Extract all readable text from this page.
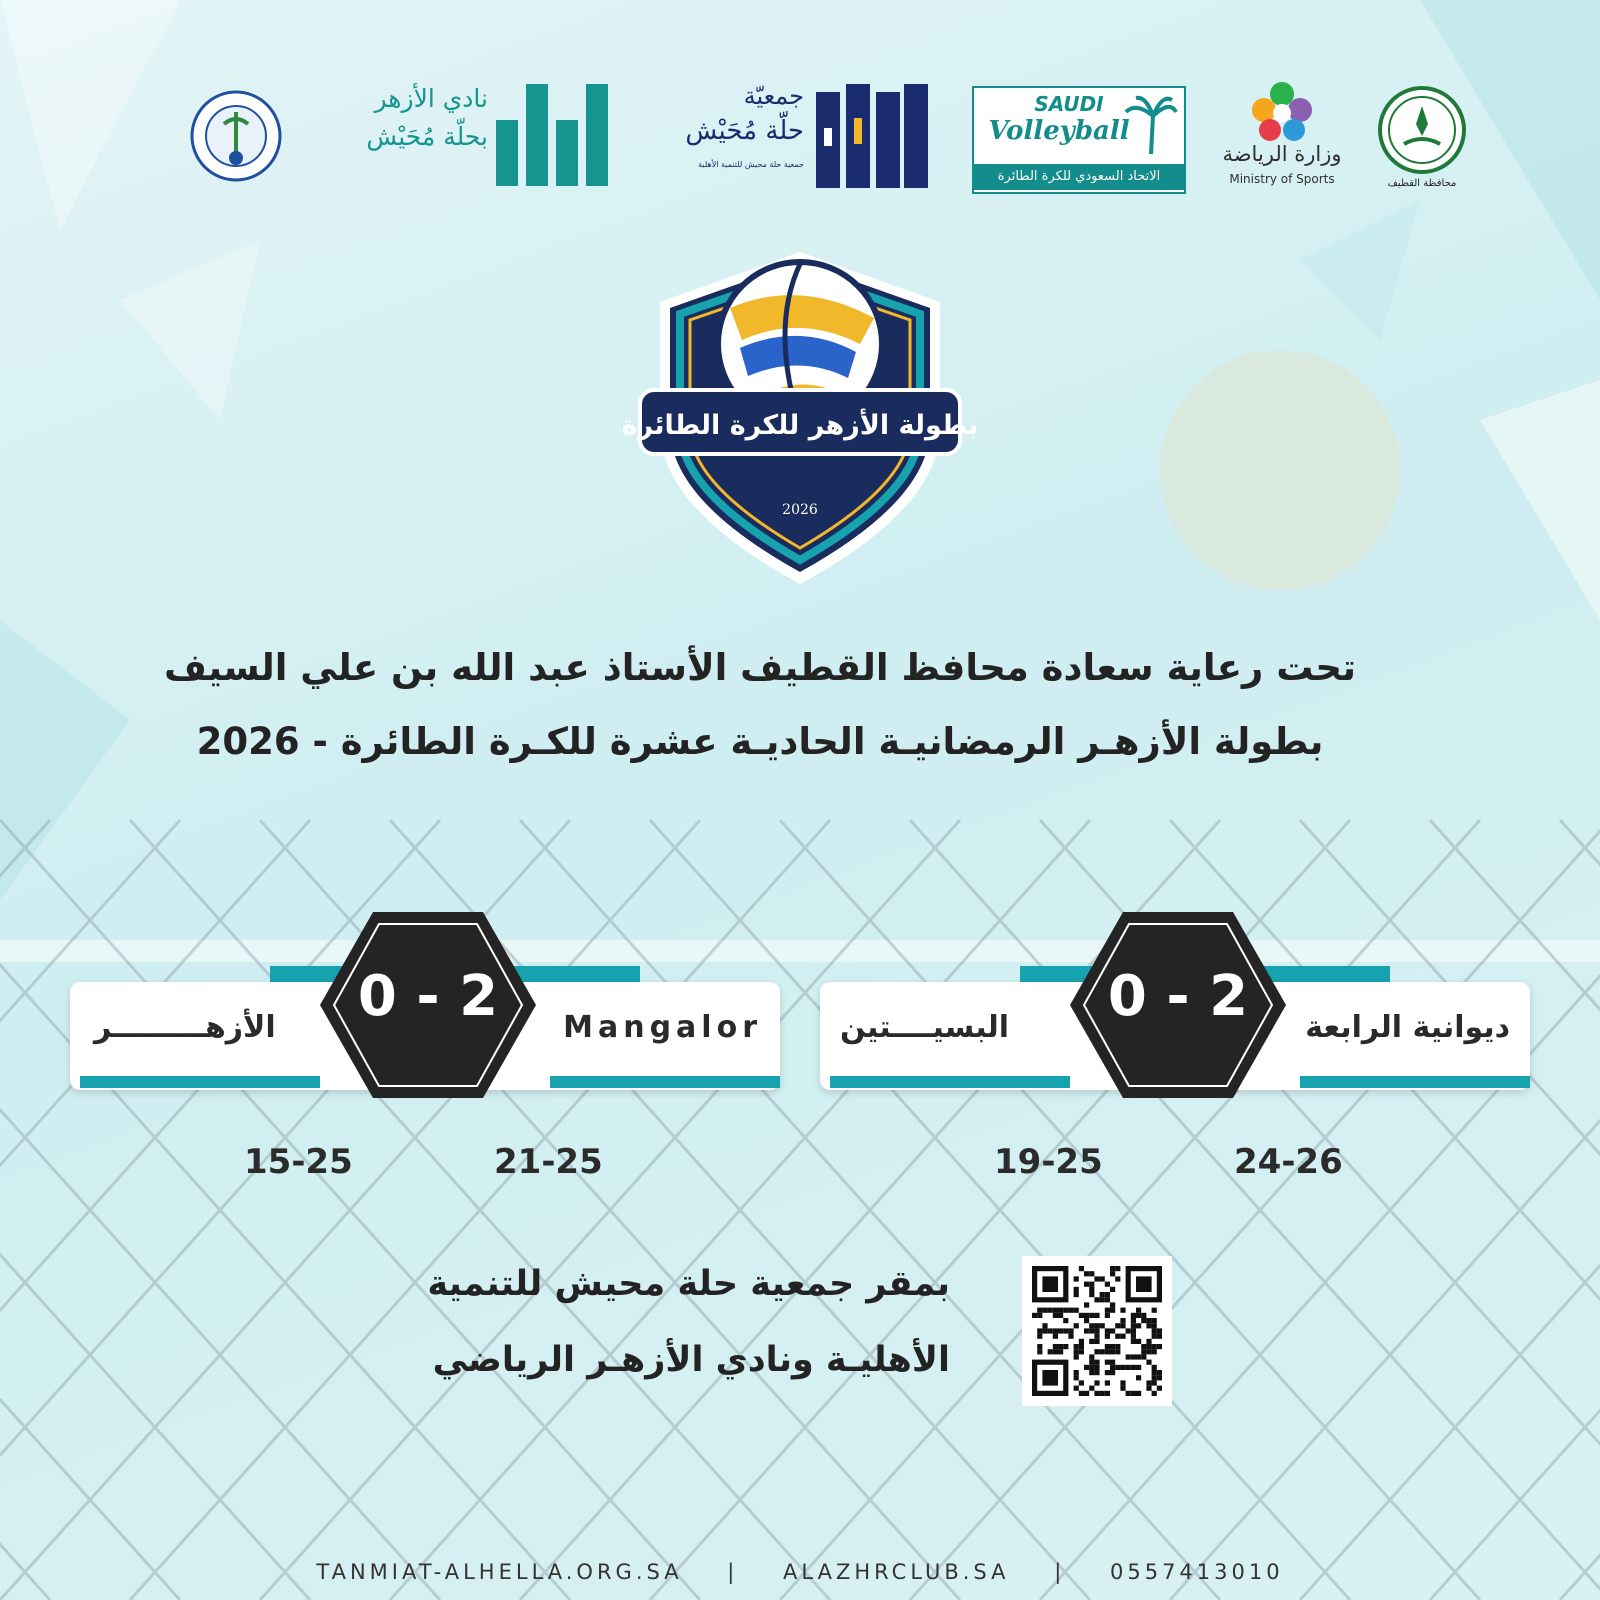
محافظة القطيف
وزارة الرياضة
Ministry of Sports
SAUDI
Volleyball
الاتحاد السعودي للكرة الطائرة
جمعيّة
حلّة مُحَيْش
جمعية حلة محيش للتنمية الأهلية
نادي الأزهر
بحلّة مُحَيْش
بطولة الأزهر للكرة الطائرة
2026
تحت رعاية سعادة محافظ القطيف الأستاذ عبد الله بن علي السيف
بطولة الأزهـر الرمضانيـة الحاديـة عشرة للكـرة الطائرة - 2026
ديوانية الرابعة
البسيــــتين	2 - 0
24-26
19-25
Mangalor
الأزهـــــــــر	2 - 0
21-25
15-25
بمقر جمعية حلة محيش للتنمية
الأهليـة ونادي الأزهـر الرياضي
TANMIAT-ALHELLA.ORG.SA | ALAZHRCLUB.SA | 0557413010
